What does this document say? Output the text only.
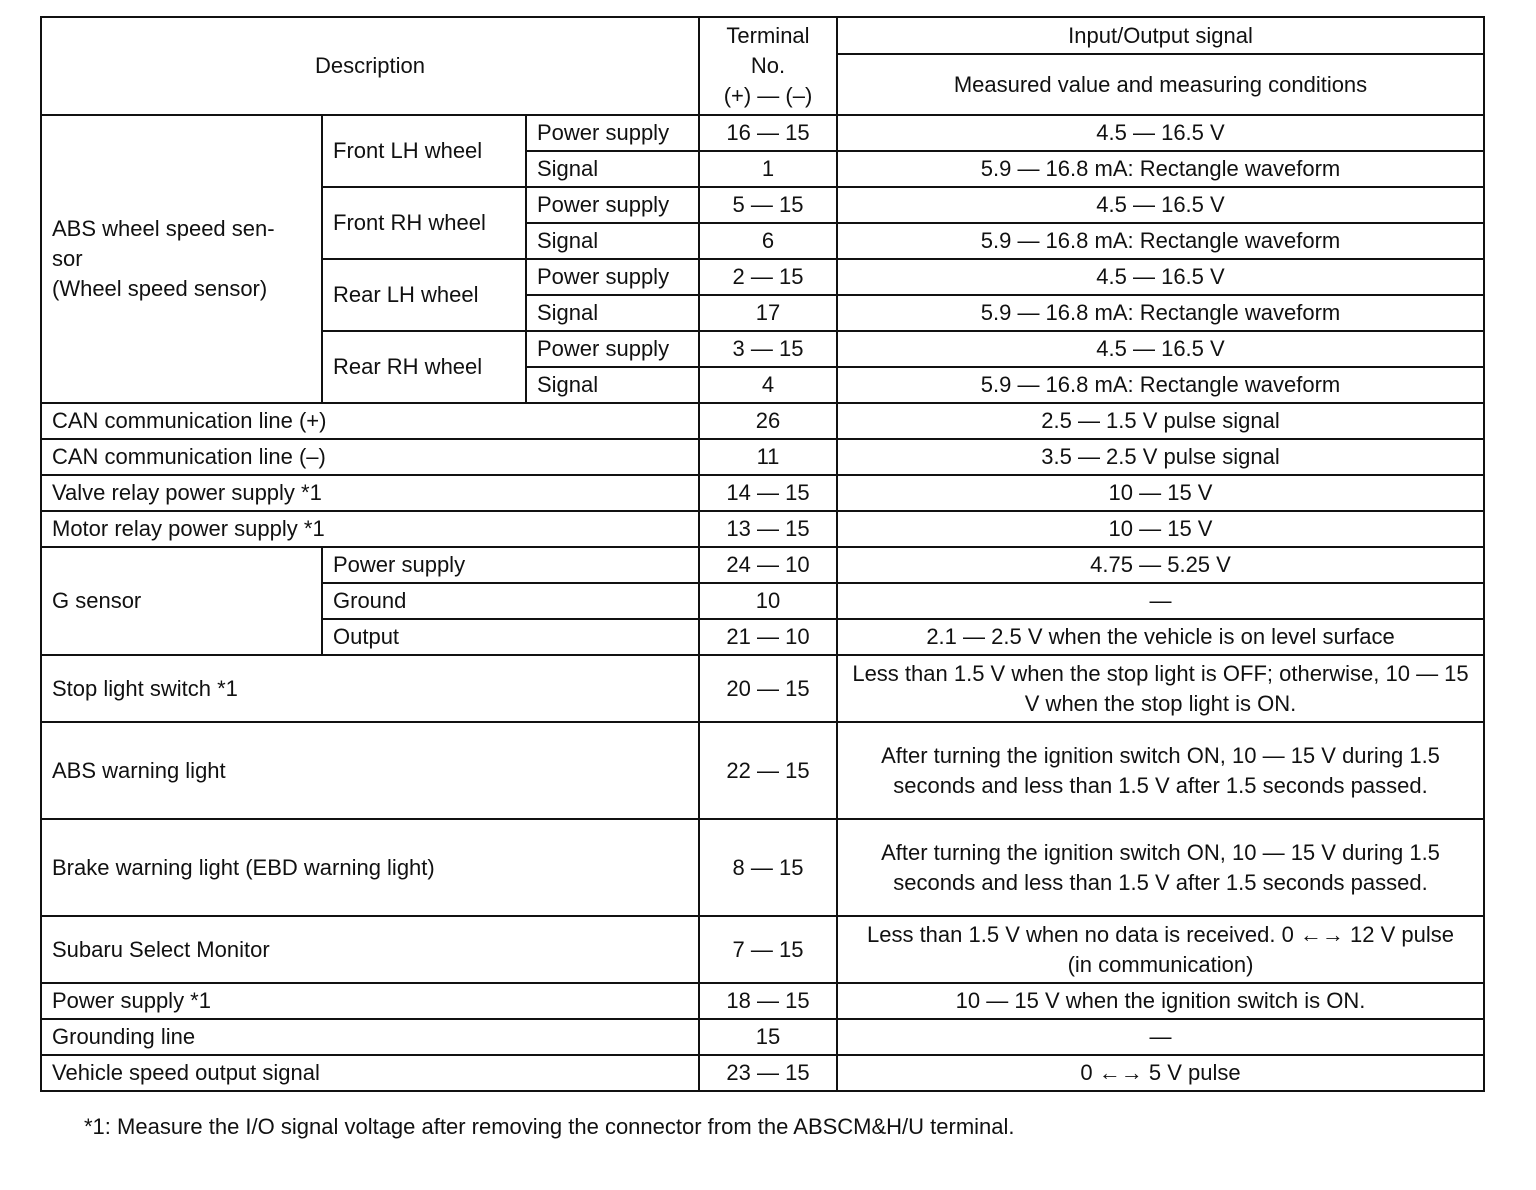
Description			Terminal
No.
(+) — (–)	Input/Output signal
				Measured value and measuring conditions
ABS wheel speed sen-
sor
(Wheel speed sensor)	Front LH wheel	Power supply	16 — 15	4.5 — 16.5 V
		Signal	1	5.9 — 16.8 mA: Rectangle waveform
	Front RH wheel	Power supply	5 — 15	4.5 — 16.5 V
		Signal	6	5.9 — 16.8 mA: Rectangle waveform
	Rear LH wheel	Power supply	2 — 15	4.5 — 16.5 V
		Signal	17	5.9 — 16.8 mA: Rectangle waveform
	Rear RH wheel	Power supply	3 — 15	4.5 — 16.5 V
		Signal	4	5.9 — 16.8 mA: Rectangle waveform
CAN communication line (+)			26	2.5 — 1.5 V pulse signal
CAN communication line (–)			11	3.5 — 2.5 V pulse signal
Valve relay power supply *1			14 — 15	10 — 15 V
Motor relay power supply *1			13 — 15	10 — 15 V
G sensor	Power supply		24 — 10	4.75 — 5.25 V
	Ground		10	—
	Output		21 — 10	2.1 — 2.5 V when the vehicle is on level surface
Stop light switch *1			20 — 15	Less than 1.5 V when the stop light is OFF; otherwise, 10 — 15 V when the stop light is ON.
ABS warning light			22 — 15	After turning the ignition switch ON, 10 — 15 V during 1.5 seconds and less than 1.5 V after 1.5 seconds passed.
Brake warning light (EBD warning light)			8 — 15	After turning the ignition switch ON, 10 — 15 V during 1.5 seconds and less than 1.5 V after 1.5 seconds passed.
Subaru Select Monitor			7 — 15	Less than 1.5 V when no data is received. 0 ←→ 12 V pulse (in communication)
Power supply *1			18 — 15	10 — 15 V when the ignition switch is ON.
Grounding line			15	—
Vehicle speed output signal			23 — 15	0 ←→ 5 V pulse
*1: Measure the I/O signal voltage after removing the connector from the ABSCM&H/U terminal.
